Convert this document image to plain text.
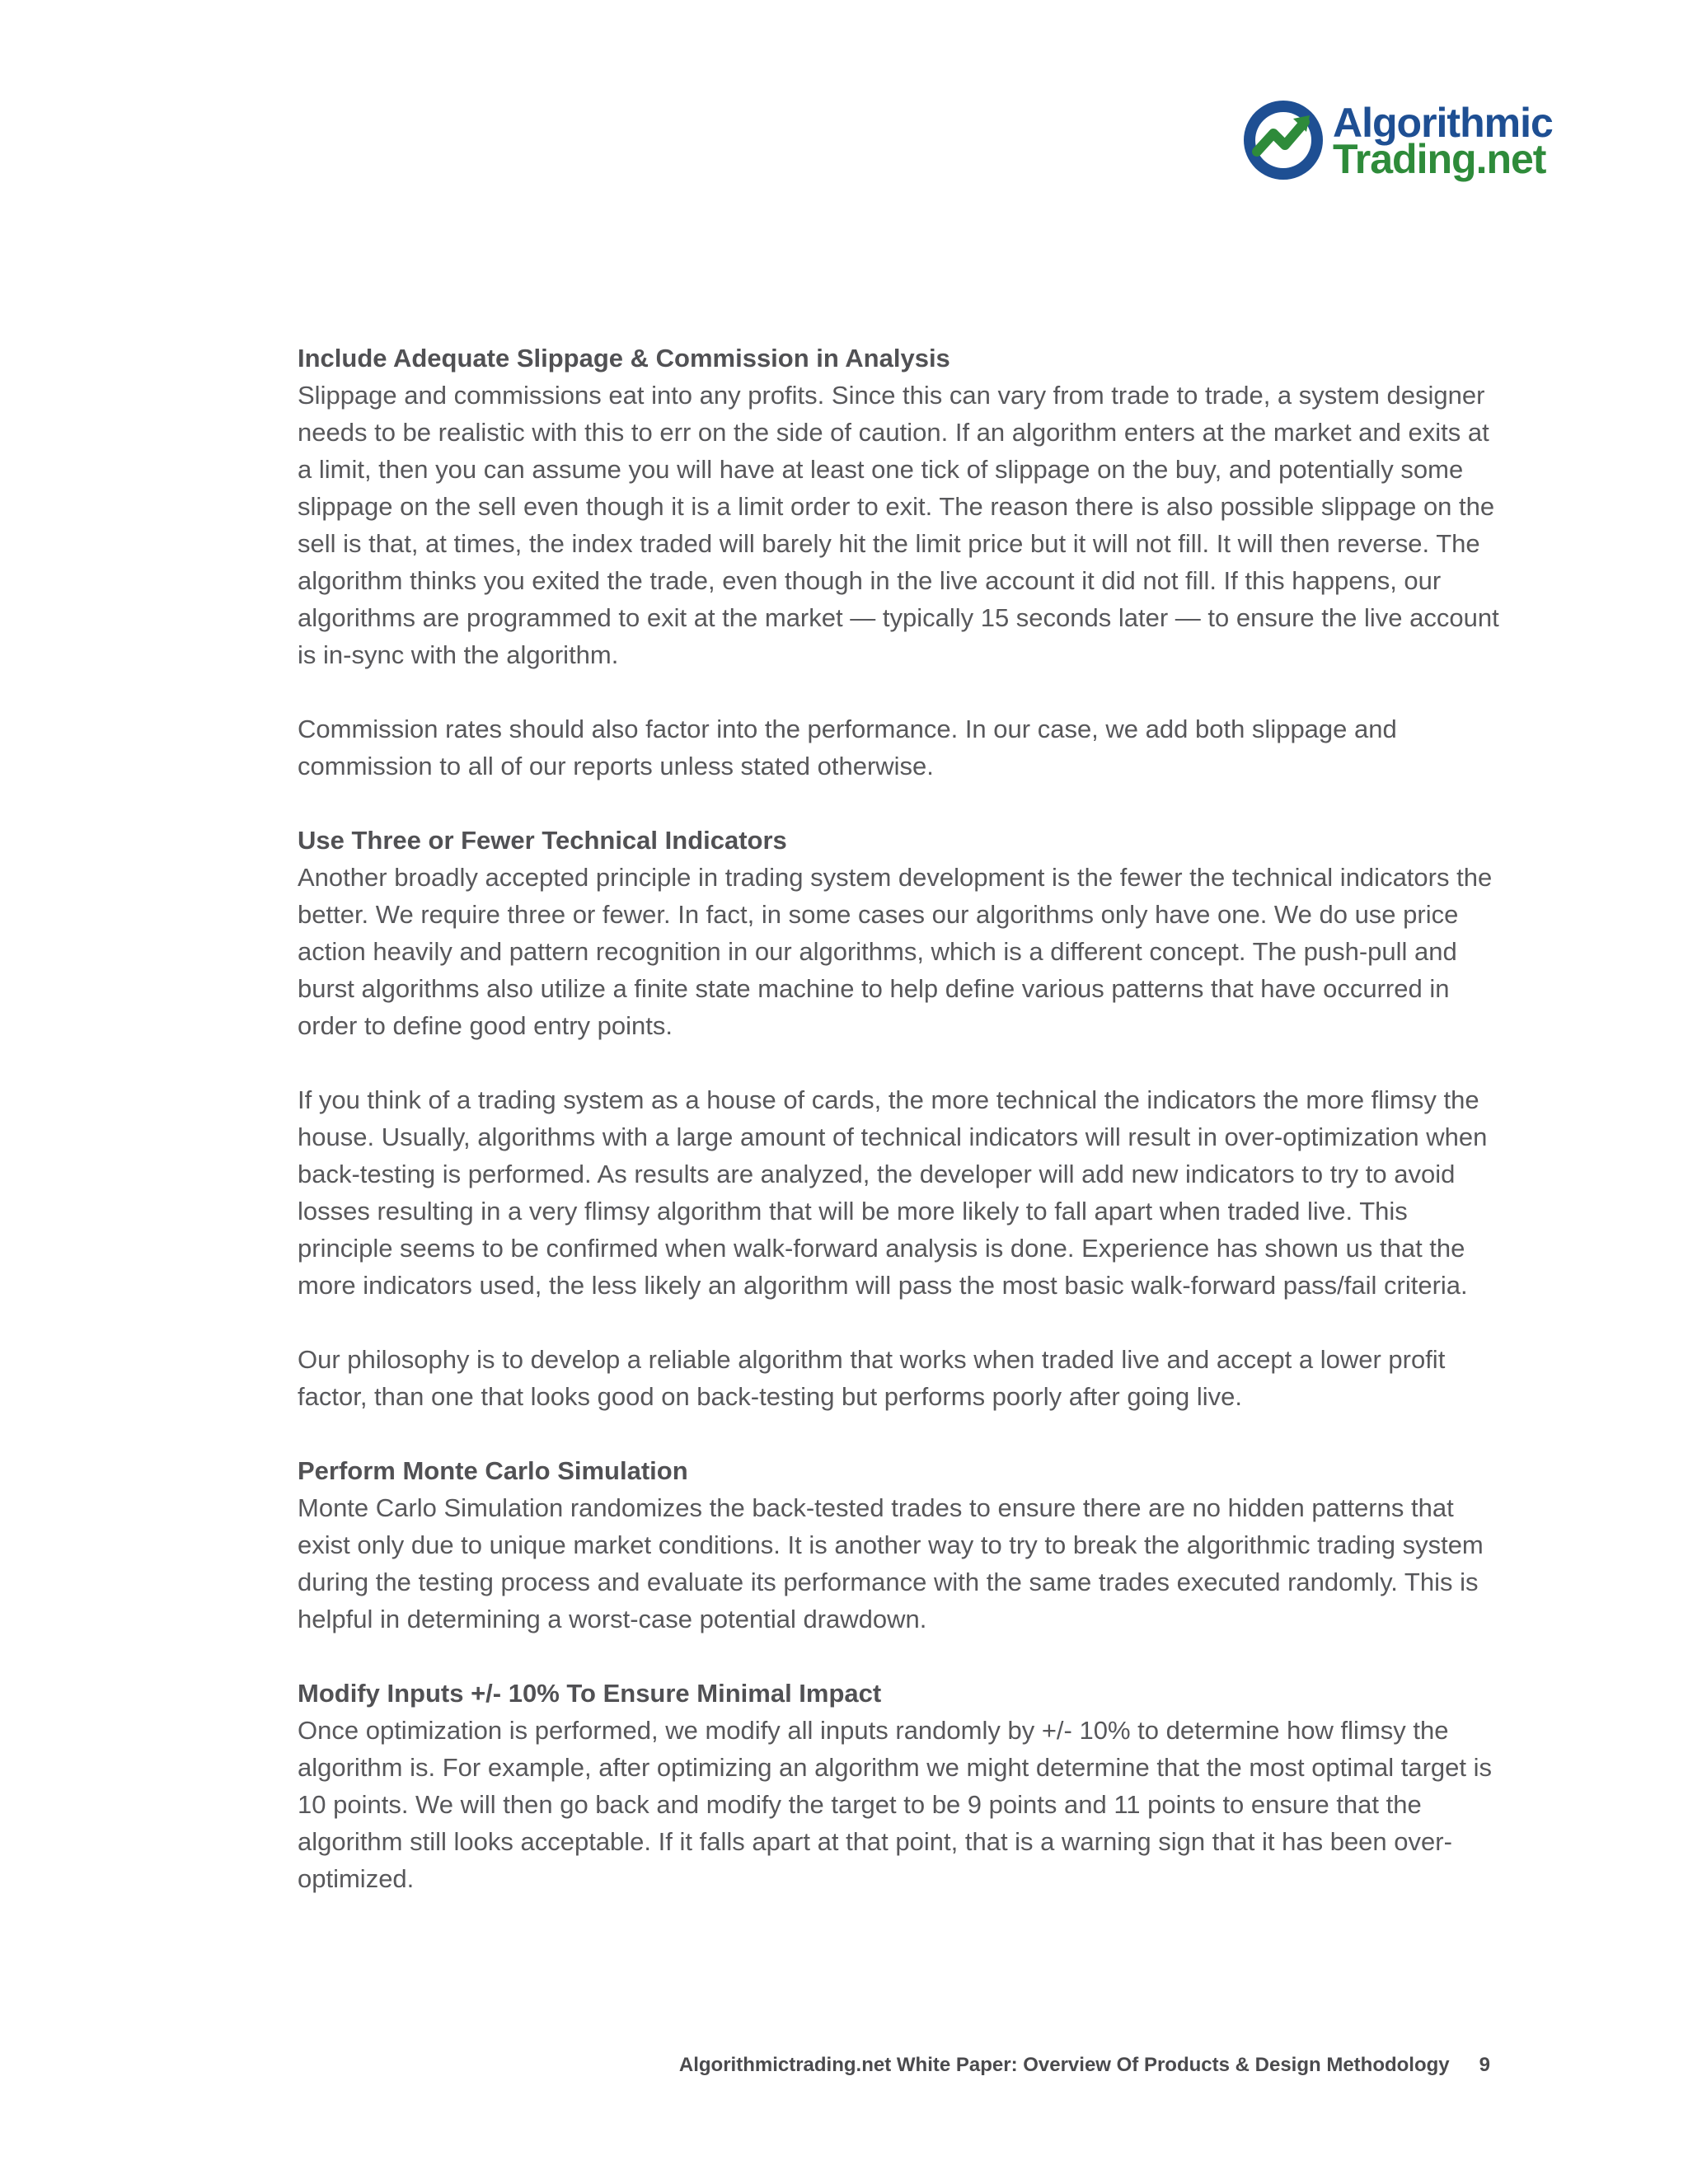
Algorithmic
Trading.net
Include Adequate Slippage & Commission in Analysis

Slippage and commissions eat into any profits. Since this can vary from trade to trade, a system designer needs to be realistic with this to err on the side of caution. If an algorithm enters at the market and exits at a limit, then you can assume you will have at least one tick of slippage on the buy, and potentially some slippage on the sell even though it is a limit order to exit. The reason there is also possible slippage on the sell is that, at times, the index traded will barely hit the limit price but it will not fill. It will then reverse. The algorithm thinks you exited the trade, even though in the live account it did not fill. If this happens, our algorithms are programmed to exit at the market — typically 15 seconds later — to ensure the live account is in-sync with the algorithm.

Commission rates should also factor into the performance. In our case, we add both slippage and commission to all of our reports unless stated otherwise.

Use Three or Fewer Technical Indicators

Another broadly accepted principle in trading system development is the fewer the technical indicators the better. We require three or fewer. In fact, in some cases our algorithms only have one. We do use price action heavily and pattern recognition in our algorithms, which is a different concept. The push-pull and burst algorithms also utilize a finite state machine to help define various patterns that have occurred in order to define good entry points.

If you think of a trading system as a house of cards, the more technical the indicators the more flimsy the house. Usually, algorithms with a large amount of technical indicators will result in over-optimization when back-testing is performed. As results are analyzed, the developer will add new indicators to try to avoid losses resulting in a very flimsy algorithm that will be more likely to fall apart when traded live. This principle seems to be confirmed when walk-forward analysis is done. Experience has shown us that the more indicators used, the less likely an algorithm will pass the most basic walk-forward pass/fail criteria.

Our philosophy is to develop a reliable algorithm that works when traded live and accept a lower profit factor, than one that looks good on back-testing but performs poorly after going live.

Perform Monte Carlo Simulation

Monte Carlo Simulation randomizes the back-tested trades to ensure there are no hidden patterns that exist only due to unique market conditions. It is another way to try to break the algorithmic trading system during the testing process and evaluate its performance with the same trades executed randomly. This is helpful in determining a worst-case potential drawdown.

Modify Inputs +/- 10% To Ensure Minimal Impact

Once optimization is performed, we modify all inputs randomly by +/- 10% to determine how flimsy the algorithm is. For example, after optimizing an algorithm we might determine that the most optimal target is 10 points. We will then go back and modify the target to be 9 points and 11 points to ensure that the algorithm still looks acceptable. If it falls apart at that point, that is a warning sign that it has been over-optimized.

Algorithmictrading.net White Paper: Overview Of Products & Design Methodology 9
